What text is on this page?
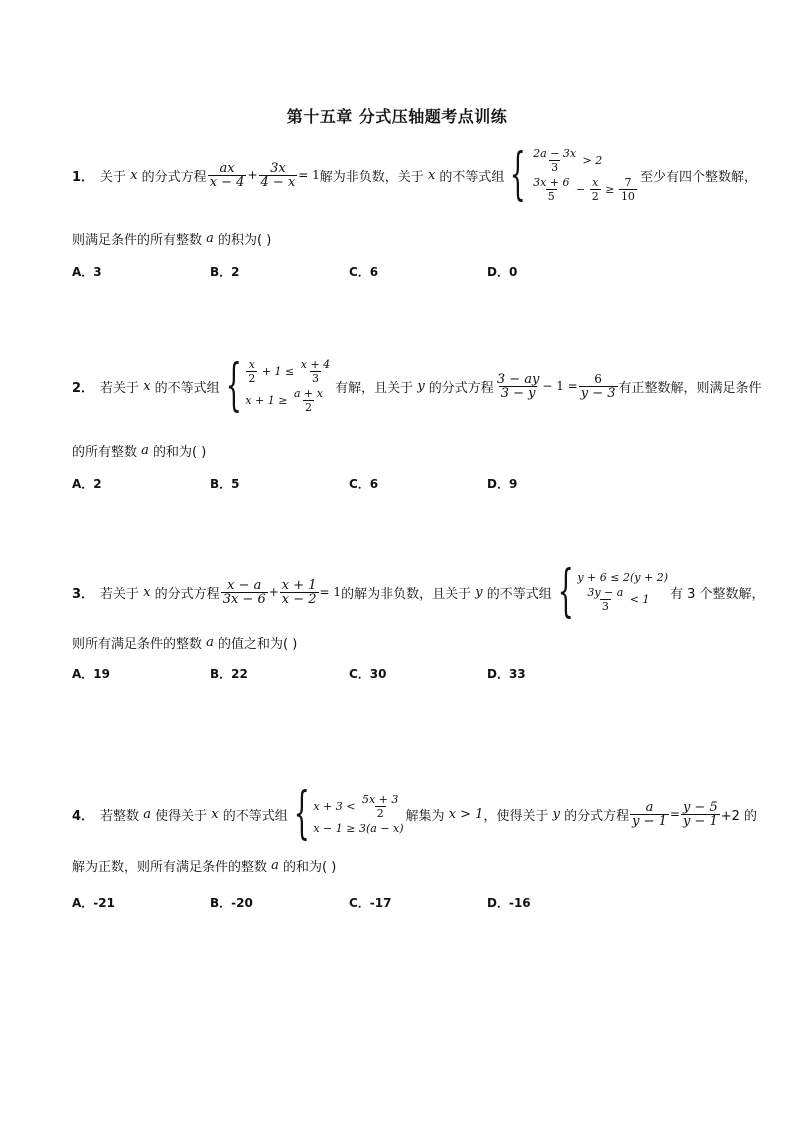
第十五章 分式压轴题考点训练
1． 关于 x 的分式方程 $\frac{ax}{x - 4} + \frac{3x}{4 - x} = 1$ 解为非负数，关于 x 的不等式组 { $\frac{2a - 3x}{3} > 2$
$\frac{3x + 6}{5} - \frac{x}{2} \ge \frac{7}{10}$ 至少有四个整数解，
则满足条件的所有整数 a 的积为( )
A．3	B．2	C．6	D．0
2． 若关于 x 的不等式组 { $\frac{x}{2} + 1 \le \frac{x + 4}{3}$
$x + 1 \ge \frac{a + x}{2}$ 有解，且关于 y 的分式方程 $\frac{3 - ay}{3 - y} - 1 = \frac{6}{y - 3}$ 有正整数解，则满足条件
的所有整数 a 的和为( )
A．2	B．5	C．6	D．9
3． 若关于 x 的分式方程 $\frac{x - a}{3x - 6} + \frac{x + 1}{x - 2} = 1$ 的解为非负数，且关于 y 的不等式组 { y + 6 ≤ 2(y + 2)

$\frac{3y - a}{3} < 1$	有 3 个整数解，
则所有满足条件的整数 a 的值之和为( )
A．19	B．22	C．30	D．33
4． 若整数 a 使得关于 x 的不等式组 { $x + 3 < \frac{5x + 3}{2}$
x − 1 ≥ 3(a − x)
解集为 x > 1 ，使得关于 y 的分式方程 $\frac{a}{y - 1} = \frac{y - 5}{y - 1} +2$ 的
解为正数，则所有满足条件的整数 a 的和为( )
A．-21	B．-20	C．-17	D．-16
